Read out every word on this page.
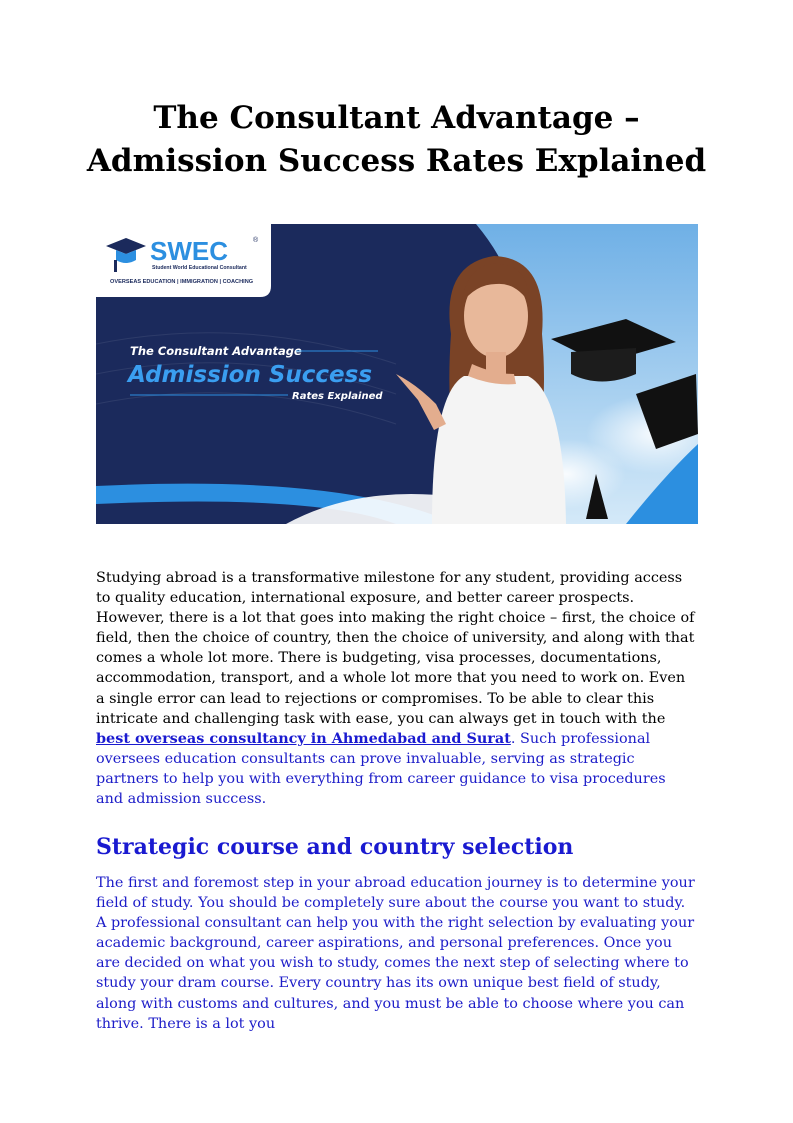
The Consultant Advantage –
Admission Success Rates Explained
SWEC	®
Student World Educational Consultant
OVERSEAS EDUCATION | IMMIGRATION | COACHING
The Consultant Advantage
Admission Success
Rates Explained

Studying abroad is a transformative milestone for any student, providing access to quality education, international exposure, and better career prospects. However, there is a lot that goes into making the right choice – first, the choice of field, then the choice of country, then the choice of university, and along with that comes a whole lot more. There is budgeting, visa processes, documentations, accommodation, transport, and a whole lot more that you need to work on. Even a single error can lead to rejections or compromises. To be able to clear this intricate and challenging task with ease, you can always get in touch with the best overseas consultancy in Ahmedabad and Surat. Such professional oversees education consultants can prove invaluable, serving as strategic partners to help you with everything from career guidance to visa procedures and admission success.

Strategic course and country selection

The first and foremost step in your abroad education journey is to determine your field of study. You should be completely sure about the course you want to study. A professional consultant can help you with the right selection by evaluating your academic background, career aspirations, and personal preferences. Once you are decided on what you wish to study, comes the next step of selecting where to study your dram course. Every country has its own unique best field of study, along with customs and cultures, and you must be able to choose where you can thrive. There is a lot you
